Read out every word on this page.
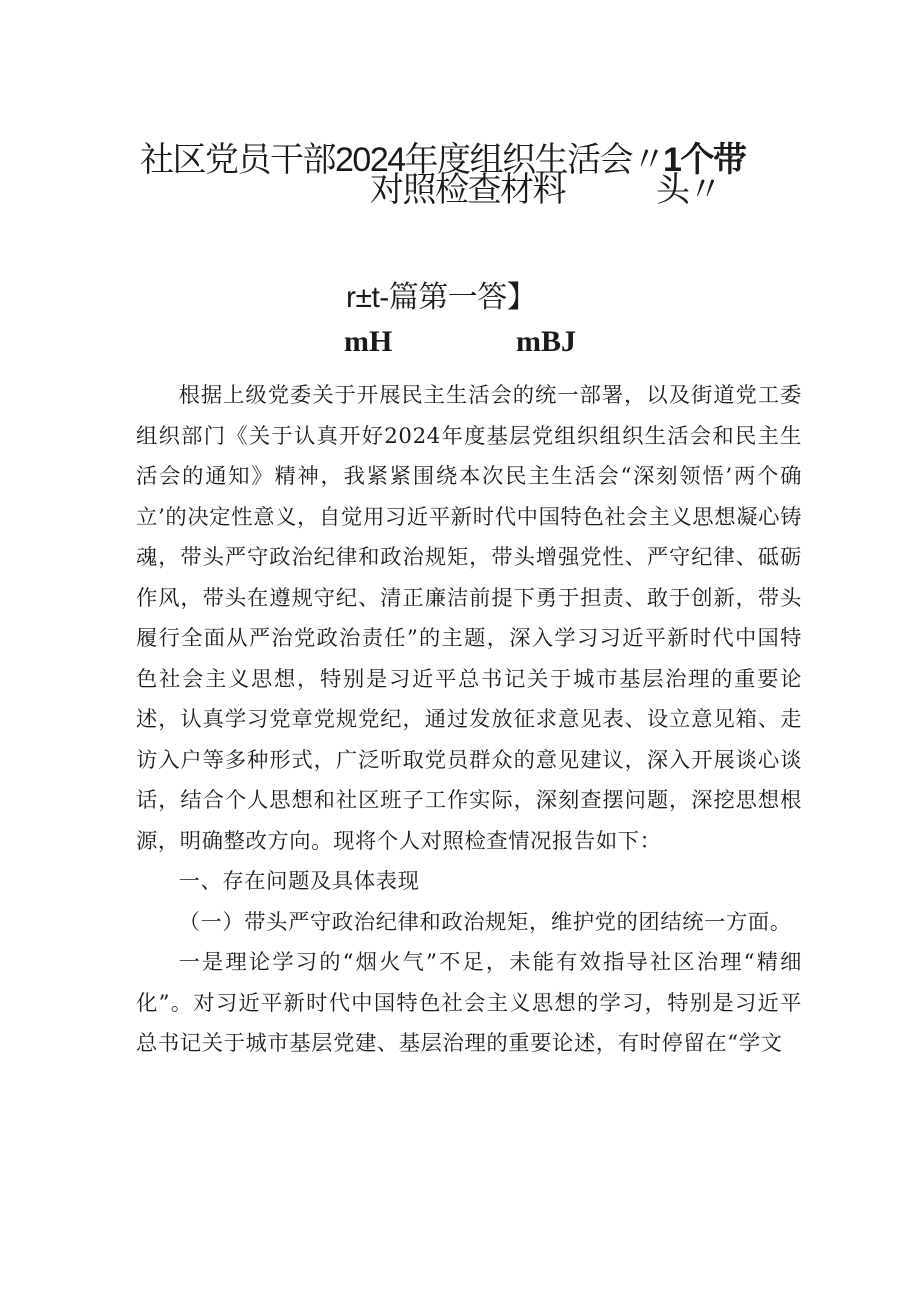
社区党员干部2024年度组织生活会〃
1个带
对照检查材料	头〃
r±t-篇第一答】
mH	mBJ

根据上级党委关于开展民主生活会的统一部署，以及街道党工委组织部门《关于认真开好2024年度基层党组织组织生活会和民主生活会的通知》精神，我紧紧围绕本次民主生活会“深刻领悟’两个确立’的决定性意义，自觉用习近平新时代中国特色社会主义思想凝心铸魂，带头严守政治纪律和政治规矩，带头增强党性、严守纪律、砥砺作风，带头在遵规守纪、清正廉洁前提下勇于担责、敢于创新，带头履行全面从严治党政治责任”的主题，深入学习习近平新时代中国特色社会主义思想，特别是习近平总书记关于城市基层治理的重要论述，认真学习党章党规党纪，通过发放征求意见表、设立意见箱、走访入户等多种形式，广泛听取党员群众的意见建议，深入开展谈心谈话，结合个人思想和社区班子工作实际，深刻查摆问题，深挖思想根源，明确整改方向。现将个人对照检查情况报告如下：

一、存在问题及具体表现

（一）带头严守政治纪律和政治规矩，维护党的团结统一方面。

一是理论学习的“烟火气”不足，未能有效指导社区治理“精细化”。对习近平新时代中国特色社会主义思想的学习，特别是习近平总书记关于城市基层党建、基层治理的重要论述，有时停留在“学文
